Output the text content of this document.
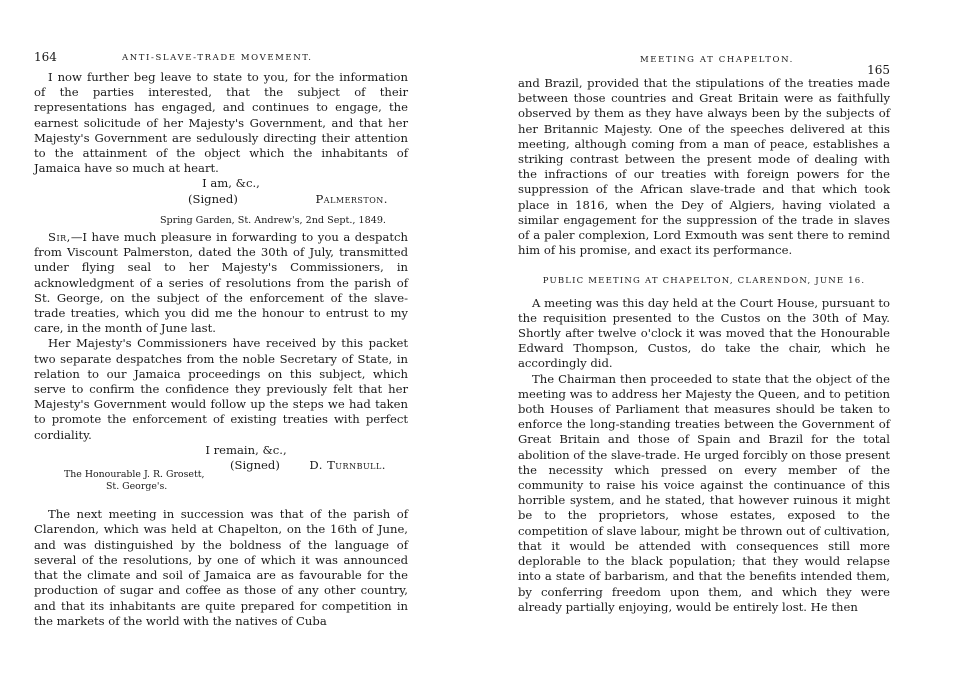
164	ANTI-SLAVE-TRADE MOVEMENT.

I now further beg leave to state to you, for the information of the parties interested, that the subject of their representations has engaged, and continues to engage, the earnest solicitude of her Majesty's Government, and that her Majesty's Government are sedulously directing their attention to the attainment of the object which the inhabitants of Jamaica have so much at heart.

I am, &c.,
(Signed)	Palmerston.
Spring Garden, St. Andrew's, 2nd Sept., 1849.

Sir,—I have much pleasure in forwarding to you a despatch from Viscount Palmerston, dated the 30th of July, transmitted under flying seal to her Majesty's Commissioners, in acknowledgment of a series of resolutions from the parish of St. George, on the subject of the enforcement of the slave-trade treaties, which you did me the honour to entrust to my care, in the month of June last.

Her Majesty's Commissioners have received by this packet two separate despatches from the noble Secretary of State, in relation to our Jamaica proceedings on this subject, which serve to confirm the confidence they previously felt that her Majesty's Government would follow up the steps we had taken to promote the enforcement of existing treaties with perfect cordiality.

I remain, &c.,
(Signed)	D. Turnbull.
The Honourable J. R. Grosett,
St. George's.

The next meeting in succession was that of the parish of Clarendon, which was held at Chapelton, on the 16th of June, and was distinguished by the boldness of the language of several of the resolutions, by one of which it was announced that the climate and soil of Jamaica are as favourable for the production of sugar and coffee as those of any other country, and that its inhabitants are quite prepared for competition in the markets of the world with the natives of Cuba

MEETING AT CHAPELTON.
165

and Brazil, provided that the stipulations of the treaties made between those countries and Great Britain were as faithfully observed by them as they have always been by the subjects of her Britannic Majesty. One of the speeches delivered at this meeting, although coming from a man of peace, establishes a striking contrast between the present mode of dealing with the infractions of our treaties with foreign powers for the suppression of the African slave-trade and that which took place in 1816, when the Dey of Algiers, having violated a similar engagement for the suppression of the trade in slaves of a paler complexion, Lord Exmouth was sent there to remind him of his promise, and exact its performance.

PUBLIC MEETING AT CHAPELTON, CLARENDON, JUNE 16.

A meeting was this day held at the Court House, pursuant to the requisition presented to the Custos on the 30th of May. Shortly after twelve o'clock it was moved that the Honourable Edward Thompson, Custos, do take the chair, which he accordingly did.

The Chairman then proceeded to state that the object of the meeting was to address her Majesty the Queen, and to petition both Houses of Parliament that measures should be taken to enforce the long-standing treaties between the Government of Great Britain and those of Spain and Brazil for the total abolition of the slave-trade. He urged forcibly on those present the necessity which pressed on every member of the community to raise his voice against the continuance of this horrible system, and he stated, that however ruinous it might be to the proprietors, whose estates, exposed to the competition of slave labour, might be thrown out of cultivation, that it would be attended with consequences still more deplorable to the black population; that they would relapse into a state of barbarism, and that the benefits intended them, by conferring freedom upon them, and which they were already partially enjoying, would be entirely lost. He then
